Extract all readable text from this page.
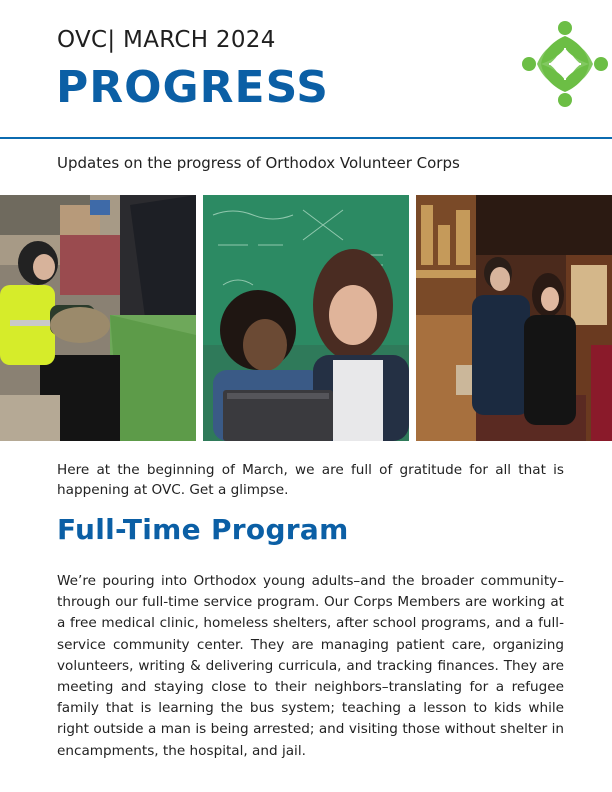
OVC| MARCH 2024
PROGRESS

Updates on the progress of Orthodox Volunteer Corps

Here at the beginning of March, we are full of gratitude for all that is happening at OVC. Get a glimpse.

Full-Time Program

We’re pouring into Orthodox young adults–and the broader community–through our full-time service program. Our Corps Members are working at a free medical clinic, homeless shelters, after school programs, and a full-service community center. They are managing patient care, organizing volunteers, writing & delivering curricula, and tracking finances. They are meeting and staying close to their neighbors–translating for a refugee family that is learning the bus system; teaching a lesson to kids while right outside a man is being arrested; and visiting those without shelter in encampments, the hospital, and jail.
